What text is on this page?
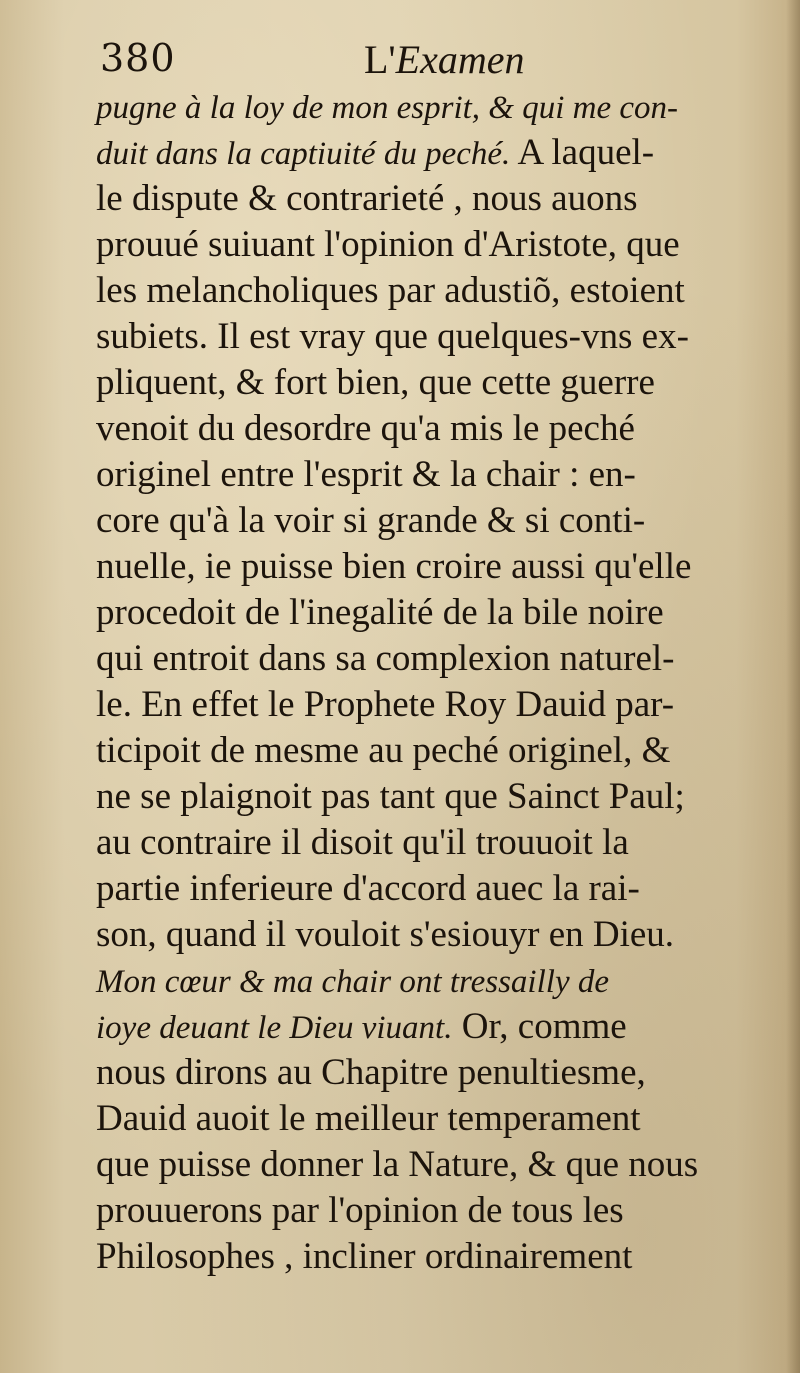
380	L'Examen
pugne à la loy de mon esprit, & qui me con-
duit dans la captiuité du peché. A laquel-
le dispute & contrarieté , nous auons
prouué suiuant l'opinion d'Aristote, que
les melancholiques par adustiõ, estoient
subiets. Il est vray que quelques-vns ex-
pliquent, & fort bien, que cette guerre
venoit du desordre qu'a mis le peché
originel entre l'esprit & la chair : en-
core qu'à la voir si grande & si conti-
nuelle, ie puisse bien croire aussi qu'elle
procedoit de l'inegalité de la bile noire
qui entroit dans sa complexion naturel-
le. En effet le Prophete Roy Dauid par-
ticipoit de mesme au peché originel, &
ne se plaignoit pas tant que Sainct Paul;
au contraire il disoit qu'il trouuoit la
partie inferieure d'accord auec la rai-
son, quand il vouloit s'esiouyr en Dieu.
Mon cœur & ma chair ont tressailly de
ioye deuant le Dieu viuant. Or, comme
nous dirons au Chapitre penultiesme,
Dauid auoit le meilleur temperament
que puisse donner la Nature, & que nous
prouuerons par l'opinion de tous les
Philosophes , incliner ordinairement
